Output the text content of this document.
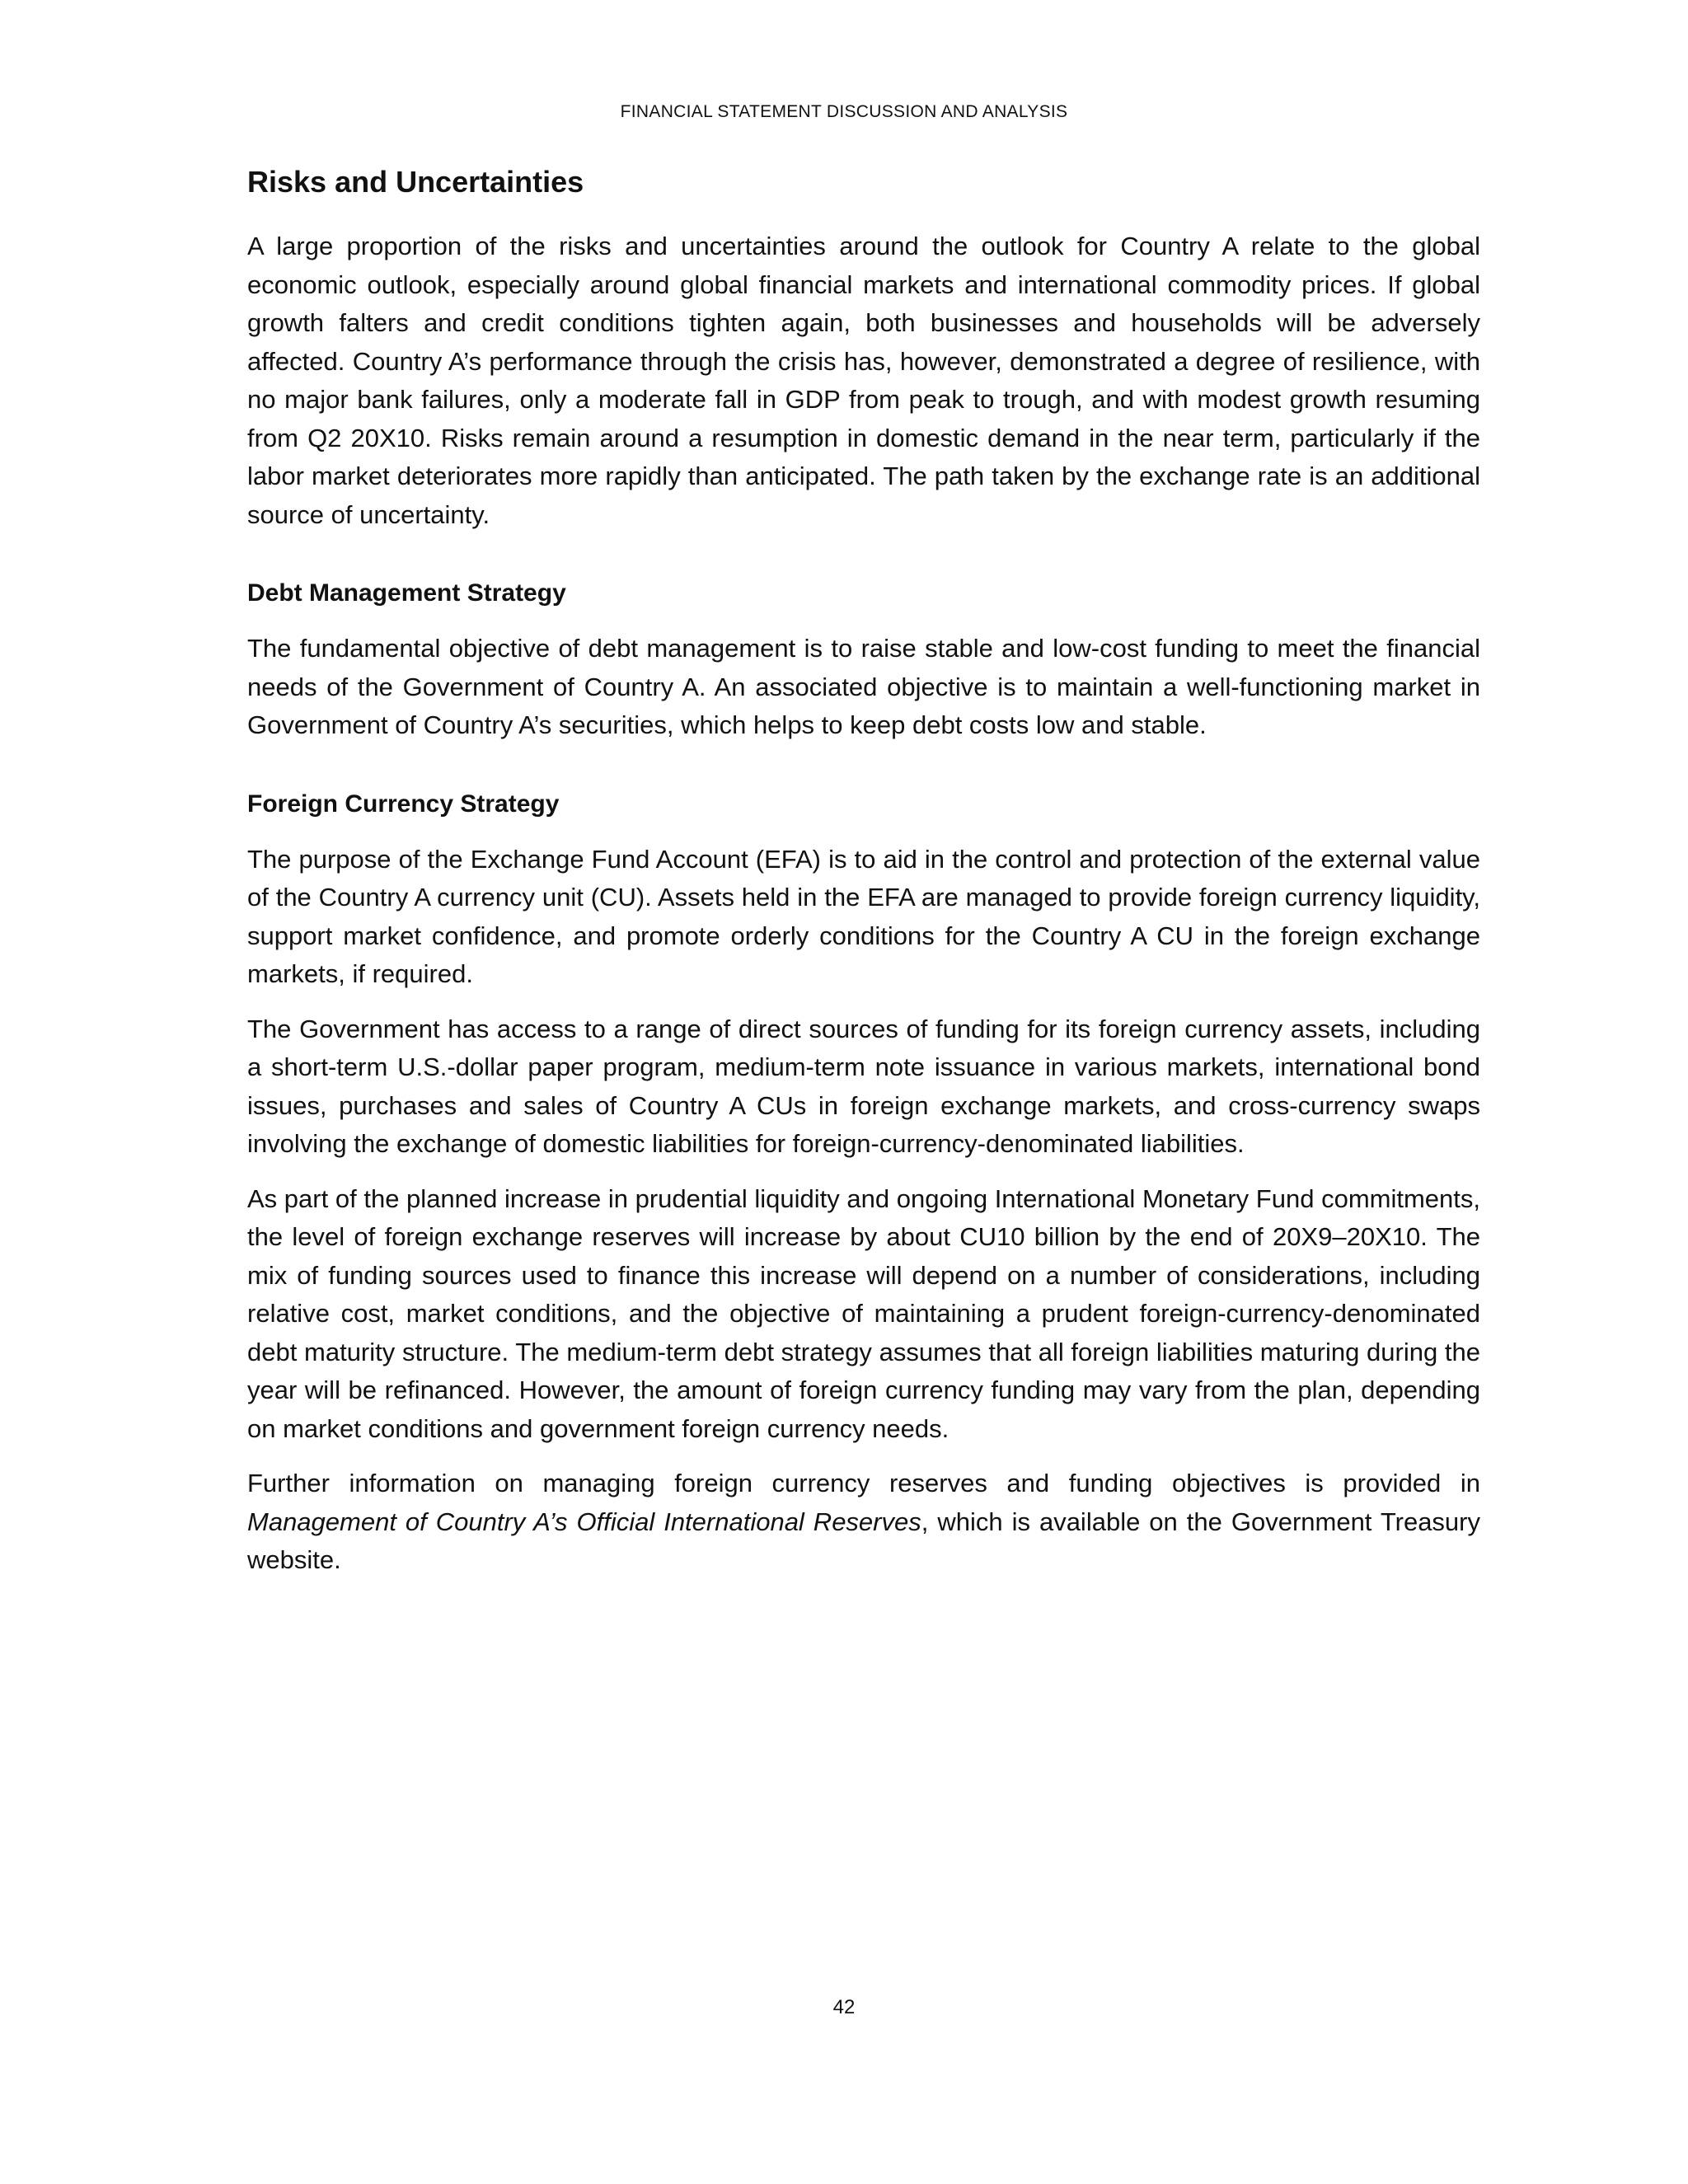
FINANCIAL STATEMENT DISCUSSION AND ANALYSIS
Risks and Uncertainties

A large proportion of the risks and uncertainties around the outlook for Country A relate to the global economic outlook, especially around global financial markets and international commodity prices. If global growth falters and credit conditions tighten again, both businesses and households will be adversely affected. Country A’s performance through the crisis has, however, demonstrated a degree of resilience, with no major bank failures, only a moderate fall in GDP from peak to trough, and with modest growth resuming from Q2 20X10. Risks remain around a resumption in domestic demand in the near term, particularly if the labor market deteriorates more rapidly than anticipated. The path taken by the exchange rate is an additional source of uncertainty.

Debt Management Strategy

The fundamental objective of debt management is to raise stable and low-cost funding to meet the financial needs of the Government of Country A. An associated objective is to maintain a well-functioning market in Government of Country A’s securities, which helps to keep debt costs low and stable.

Foreign Currency Strategy

The purpose of the Exchange Fund Account (EFA) is to aid in the control and protection of the external value of the Country A currency unit (CU). Assets held in the EFA are managed to provide foreign currency liquidity, support market confidence, and promote orderly conditions for the Country A CU in the foreign exchange markets, if required.

The Government has access to a range of direct sources of funding for its foreign currency assets, including a short-term U.S.-dollar paper program, medium-term note issuance in various markets, international bond issues, purchases and sales of Country A CUs in foreign exchange markets, and cross-currency swaps involving the exchange of domestic liabilities for foreign-currency-denominated liabilities.

As part of the planned increase in prudential liquidity and ongoing International Monetary Fund commitments, the level of foreign exchange reserves will increase by about CU10 billion by the end of 20X9–20X10. The mix of funding sources used to finance this increase will depend on a number of considerations, including relative cost, market conditions, and the objective of maintaining a prudent foreign-currency-denominated debt maturity structure. The medium-term debt strategy assumes that all foreign liabilities maturing during the year will be refinanced. However, the amount of foreign currency funding may vary from the plan, depending on market conditions and government foreign currency needs.

Further information on managing foreign currency reserves and funding objectives is provided in Management of Country A’s Official International Reserves, which is available on the Government Treasury website.

42
